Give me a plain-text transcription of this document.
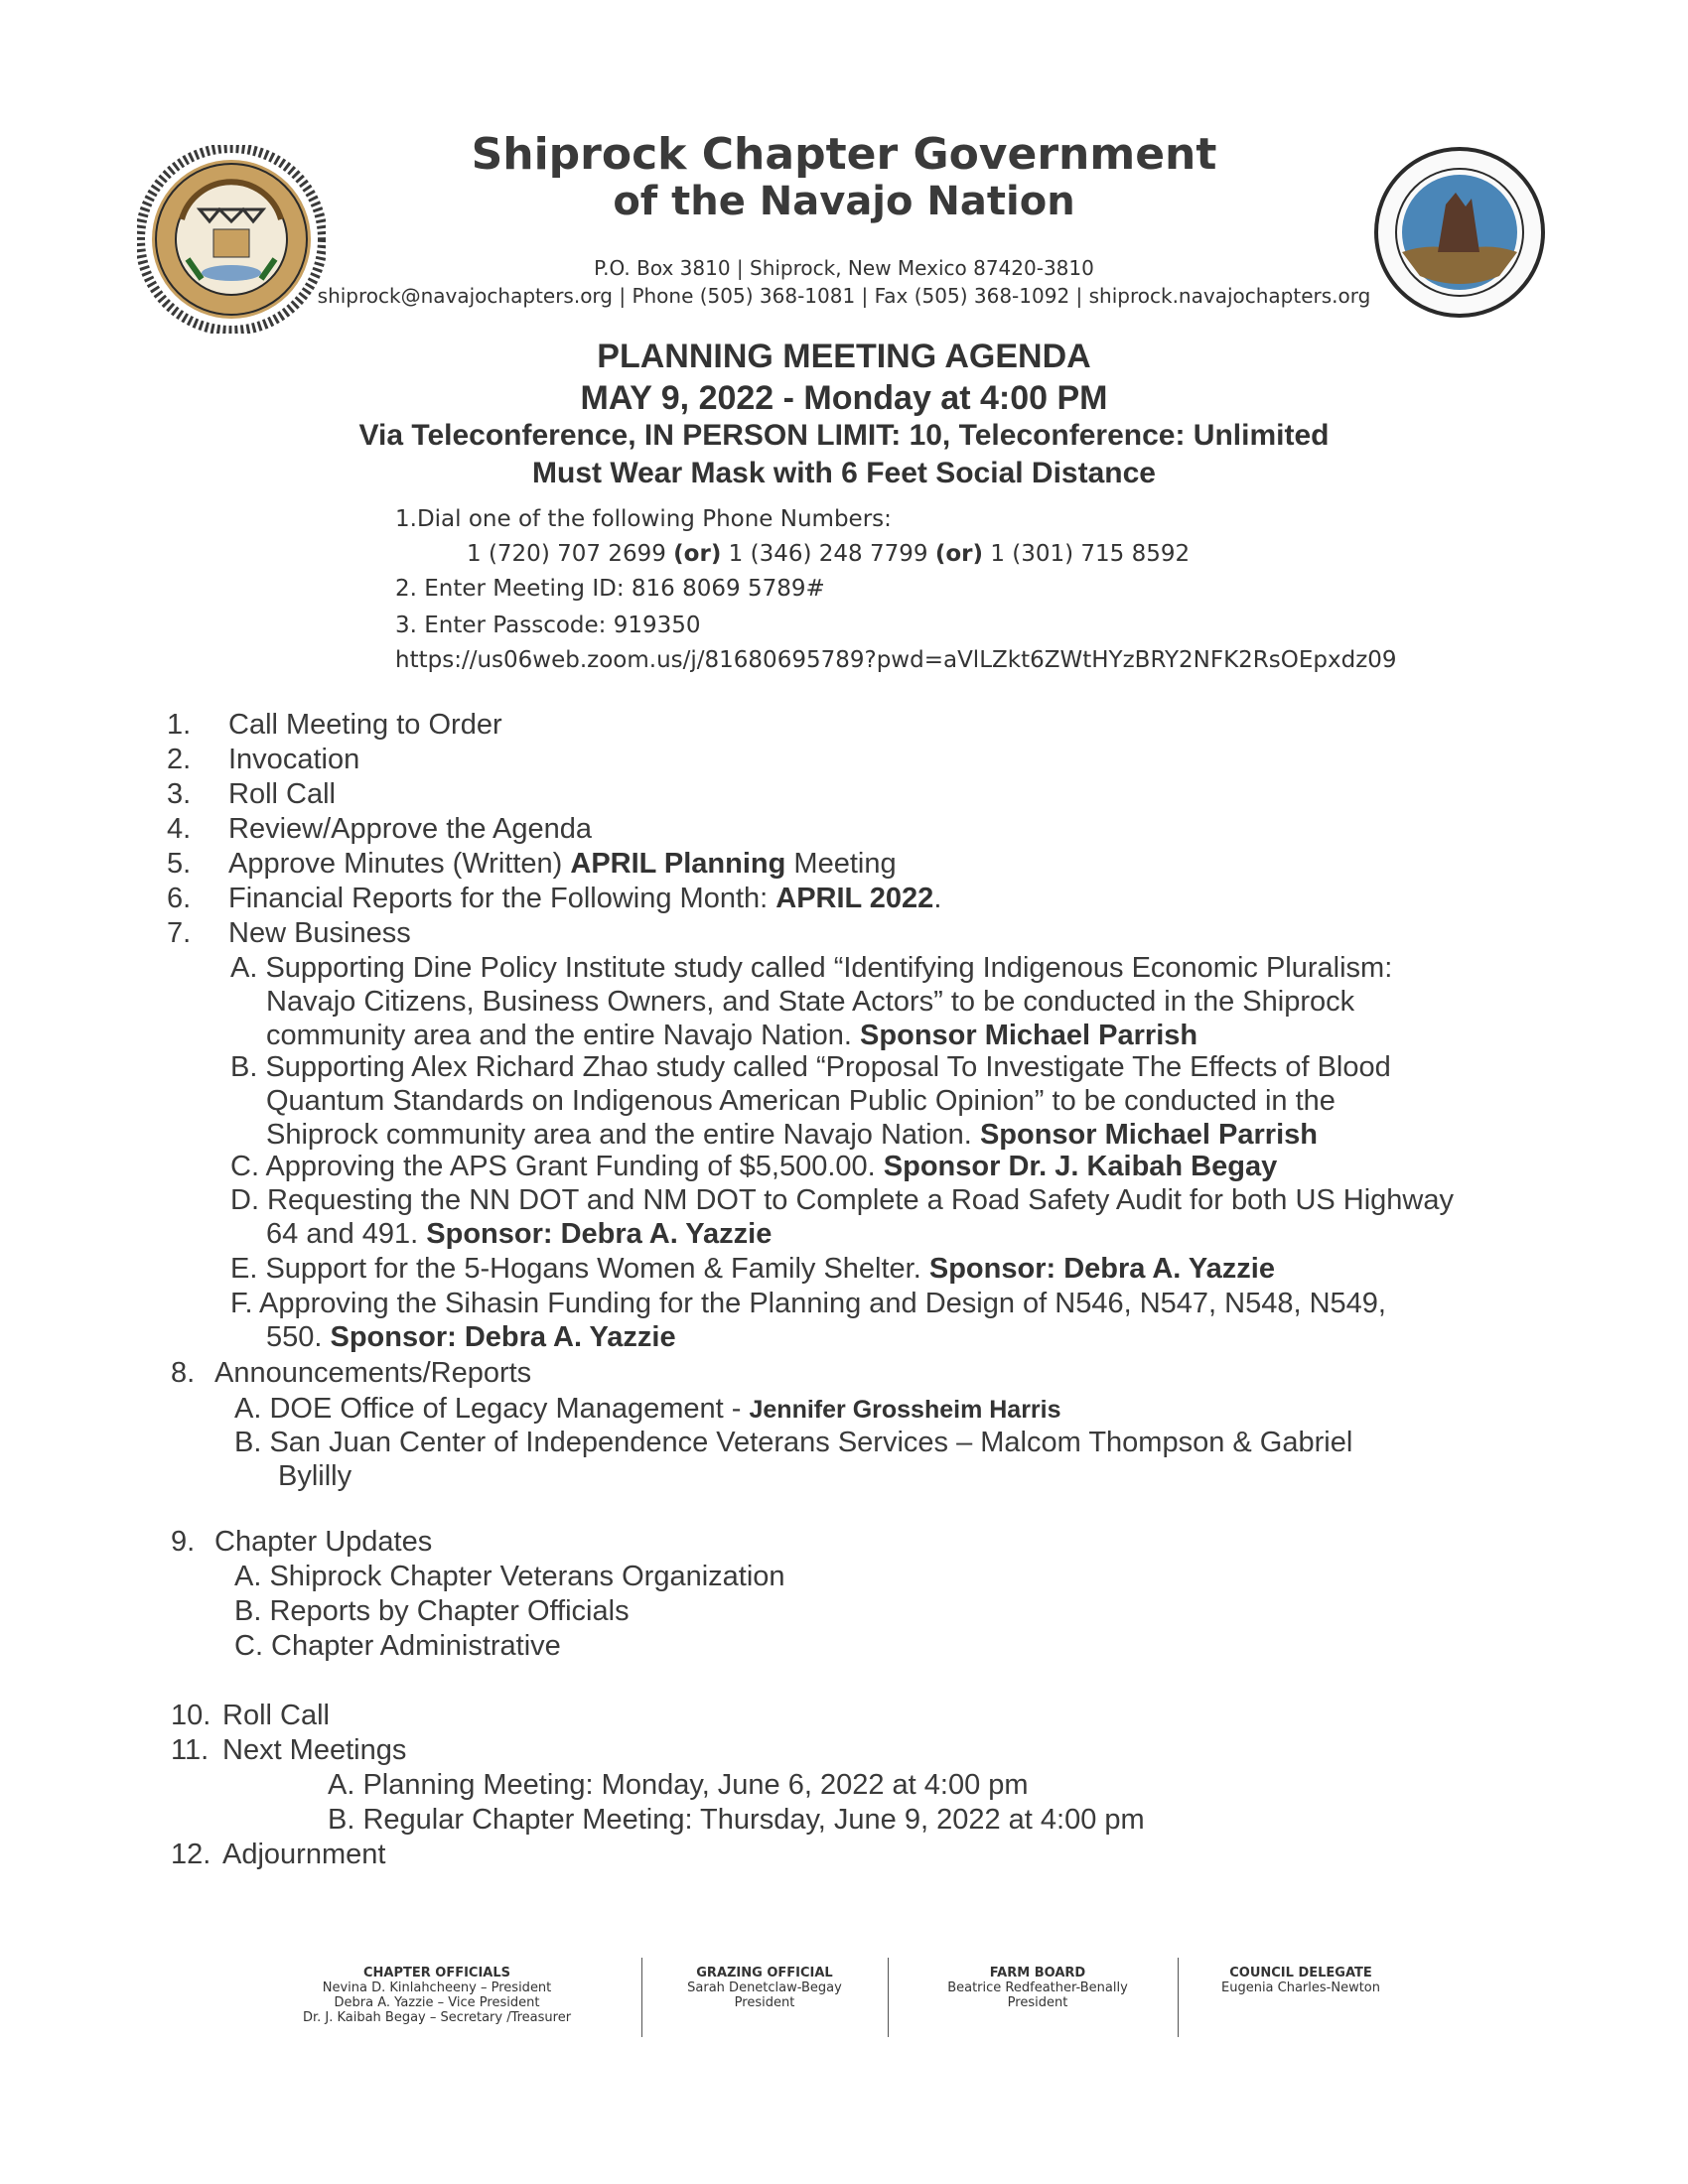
Shiprock Chapter Government
of the Navajo Nation
P.O. Box 3810 | Shiprock, New Mexico 87420-3810
shiprock@navajochapters.org | Phone (505) 368-1081 | Fax (505) 368-1092 | shiprock.navajochapters.org
PLANNING MEETING AGENDA
MAY 9, 2022 - Monday at 4:00 PM
Via Teleconference, IN PERSON LIMIT: 10, Teleconference: Unlimited
Must Wear Mask with 6 Feet Social Distance
1.Dial one of the following Phone Numbers:
1 (720) 707 2699 (or) 1 (346) 248 7799 (or) 1 (301) 715 8592
2. Enter Meeting ID: 816 8069 5789#
3. Enter Passcode: 919350
https://us06web.zoom.us/j/81680695789?pwd=aVlLZkt6ZWtHYzBRY2NFK2RsOEpxdz09
1. Call Meeting to Order
2. Invocation
3. Roll Call
4. Review/Approve the Agenda
5. Approve Minutes (Written) APRIL Planning Meeting
6. Financial Reports for the Following Month: APRIL 2022.
7. New Business
A. Supporting Dine Policy Institute study called “Identifying Indigenous Economic Pluralism:
Navajo Citizens, Business Owners, and State Actors” to be conducted in the Shiprock
community area and the entire Navajo Nation. Sponsor Michael Parrish
B. Supporting Alex Richard Zhao study called “Proposal To Investigate The Effects of Blood
Quantum Standards on Indigenous American Public Opinion” to be conducted in the
Shiprock community area and the entire Navajo Nation. Sponsor Michael Parrish
C. Approving the APS Grant Funding of $5,500.00. Sponsor Dr. J. Kaibah Begay
D. Requesting the NN DOT and NM DOT to Complete a Road Safety Audit for both US Highway
64 and 491. Sponsor: Debra A. Yazzie
E. Support for the 5-Hogans Women & Family Shelter. Sponsor: Debra A. Yazzie
F. Approving the Sihasin Funding for the Planning and Design of N546, N547, N548, N549,
550. Sponsor: Debra A. Yazzie
8. Announcements/Reports
A. DOE Office of Legacy Management - Jennifer Grossheim Harris
B. San Juan Center of Independence Veterans Services – Malcom Thompson & Gabriel
Bylilly
9. Chapter Updates
A. Shiprock Chapter Veterans Organization
B. Reports by Chapter Officials
C. Chapter Administrative
10. Roll Call
11. Next Meetings
A. Planning Meeting: Monday, June 6, 2022 at 4:00 pm
B. Regular Chapter Meeting: Thursday, June 9, 2022 at 4:00 pm
12. Adjournment
CHAPTER OFFICIALS
Nevina D. Kinlahcheeny – President
Debra A. Yazzie – Vice President
Dr. J. Kaibah Begay – Secretary /Treasurer
GRAZING OFFICIAL
Sarah Denetclaw-Begay
President
FARM BOARD
Beatrice Redfeather-Benally
President
COUNCIL DELEGATE
Eugenia Charles-Newton
